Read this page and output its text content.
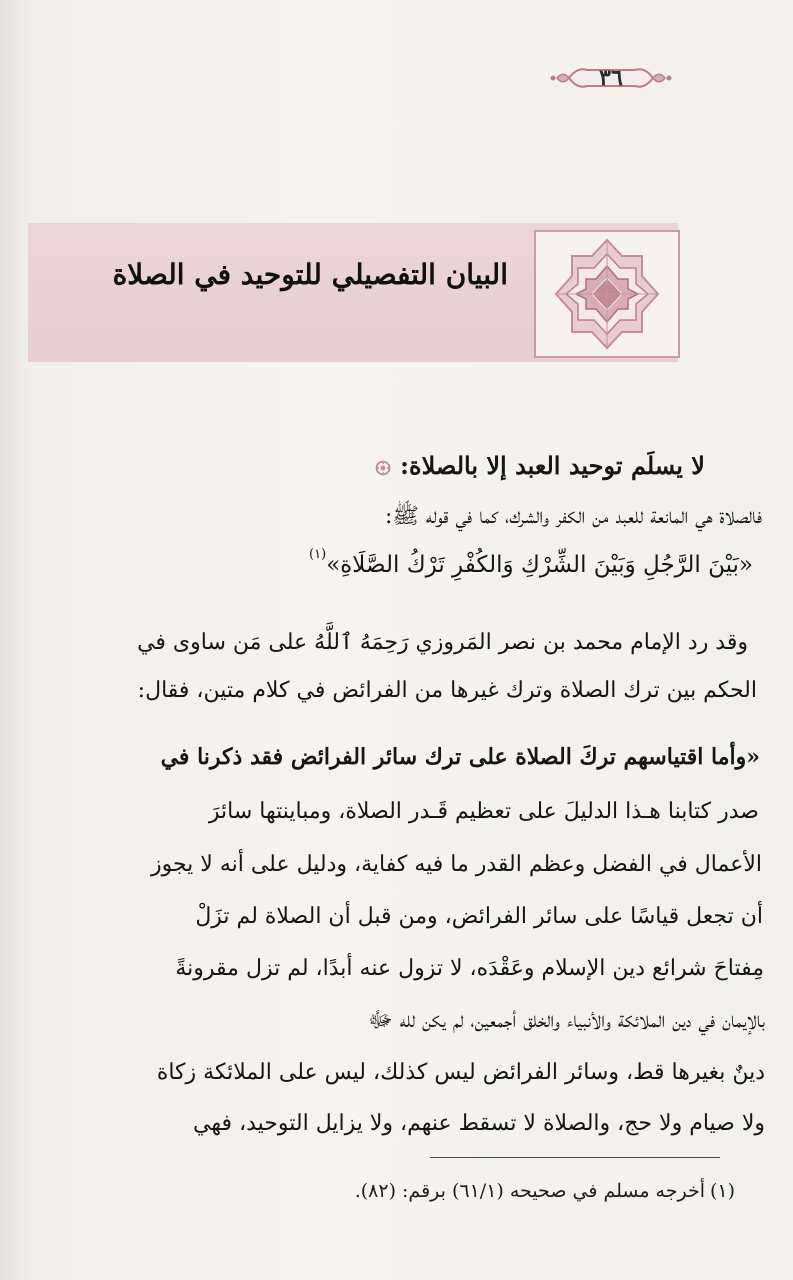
٣٦
البيان التفصيلي للتوحيد في الصلاة
لا يسلَم توحيد العبد إلا بالصلاة:
فالصلاة هي المانعة للعبد من الكفر والشرك، كما في قوله ﷺ:
«بَيْنَ الرَّجُلِ وَبَيْنَ الشِّرْكِ وَالكُفْرِ تَرْكُ الصَّلَاةِ»$^{(١)}$
وقد رد الإمام محمد بن نصر المَروزي رَحِمَهُ ٱللَّهُ على مَن ساوى في
الحكم بين ترك الصلاة وترك غيرها من الفرائض في كلام متين، فقال:
«وأما اقتياسهم تركَ الصلاة على ترك سائر الفرائض فقد ذكرنا في
صدر كتابنا هـذا الدليلَ على تعظيم قَـدر الصلاة، ومباينتها سائرَ
الأعمال في الفضل وعظم القدر ما فيه كفاية، ودليل على أنه لا يجوز
أن تجعل قياسًا على سائر الفرائض، ومن قبل أن الصلاة لم تزَلْ
مِفتاحَ شرائع دين الإسلام وعَقْدَه، لا تزول عنه أبدًا، لم تزل مقرونةً
بالإيمان في دين الملائكة والأنبياء والخلق أجمعين، لم يكن لله ﷻ
دينٌ بغيرها قط، وسائر الفرائض ليس كذلك، ليس على الملائكة زكاة
ولا صيام ولا حج، والصلاة لا تسقط عنهم، ولا يزايل التوحيد، فهي
(١)
أخرجه مسلم في صحيحه (٦١/١) برقم: (٨٢).
